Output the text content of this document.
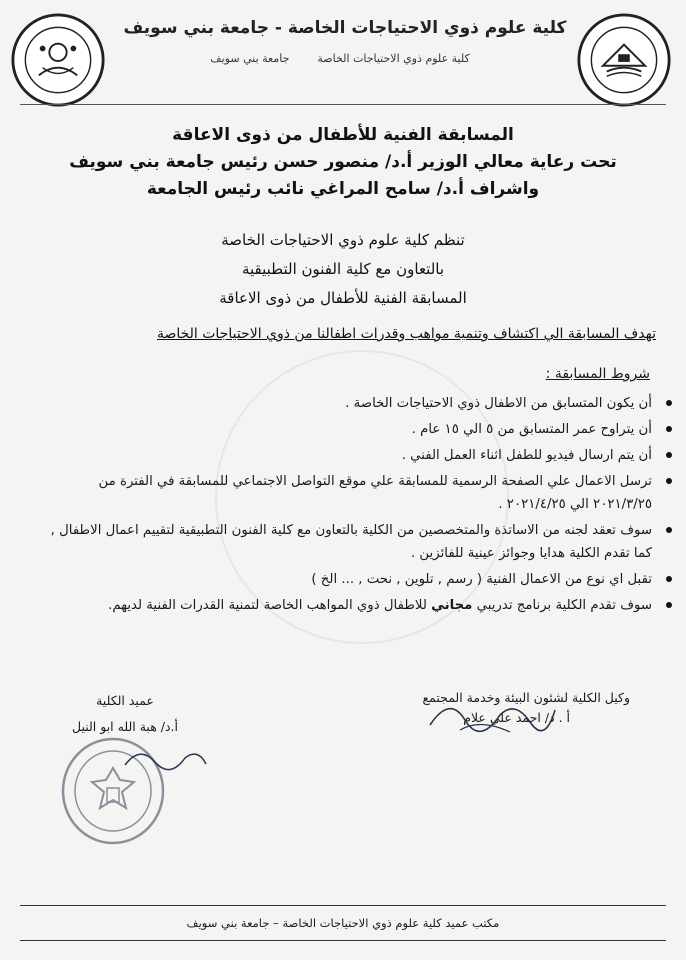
كلية علوم ذوي الاحتياجات الخاصة - جامعة بني سويف
كلية علوم ذوي الاحتياجات الخاصة
جامعة بني سويف
المسابقة الفنية للأطفال من ذوى الاعاقة
تحت رعاية معالي الوزير أ.د/ منصور حسن رئيس جامعة بني سويف
واشراف أ.د/ سامح المراغي نائب رئيس الجامعة
تنظم كلية علوم ذوي الاحتياجات الخاصة
بالتعاون مع كلية الفنون التطبيقية
المسابقة الفنية للأطفال من ذوى الاعاقة
تهدف المسابقة الي اكتشاف وتنمية مواهب وقدرات اطفالنا من ذوي الاحتياجات الخاصة
شروط المسابقة :
أن يكون المتسابق من الاطفال ذوي الاحتياجات الخاصة .
أن يتراوح عمر المتسابق من ٥ الي ١٥ عام .
أن يتم ارسال فيديو للطفل اثناء العمل الفني .
ترسل الاعمال علي الصفحة الرسمية للمسابقة علي موقع التواصل الاجتماعي للمسابقة في الفترة من ٢٠٢١/٣/٢٥ الي ٢٠٢١/٤/٢٥ .
سوف تعقد لجنه من الاساتذة والمتخصصين من الكلية بالتعاون مع كلية الفنون التطبيقية لتقييم اعمال الاطفال , كما تقدم الكلية هدايا وجوائز عينية للفائزين .
تقبل اي نوع من الاعمال الفنية ( رسم , تلوين , نحت , ... الخ )
سوف تقدم الكلية برنامج تدريبي مجاني للاطفال ذوي المواهب الخاصة لتمنية القدرات الفنية لديهم.
وكيل الكلية لشئون البيئة وخدمة المجتمع
أ . د/ احمد علي علام
عميد الكلية
أ.د/ هبة الله ابو النيل
مكتب عميد كلية علوم ذوي الاحتياجات الخاصة – جامعة بني سويف
